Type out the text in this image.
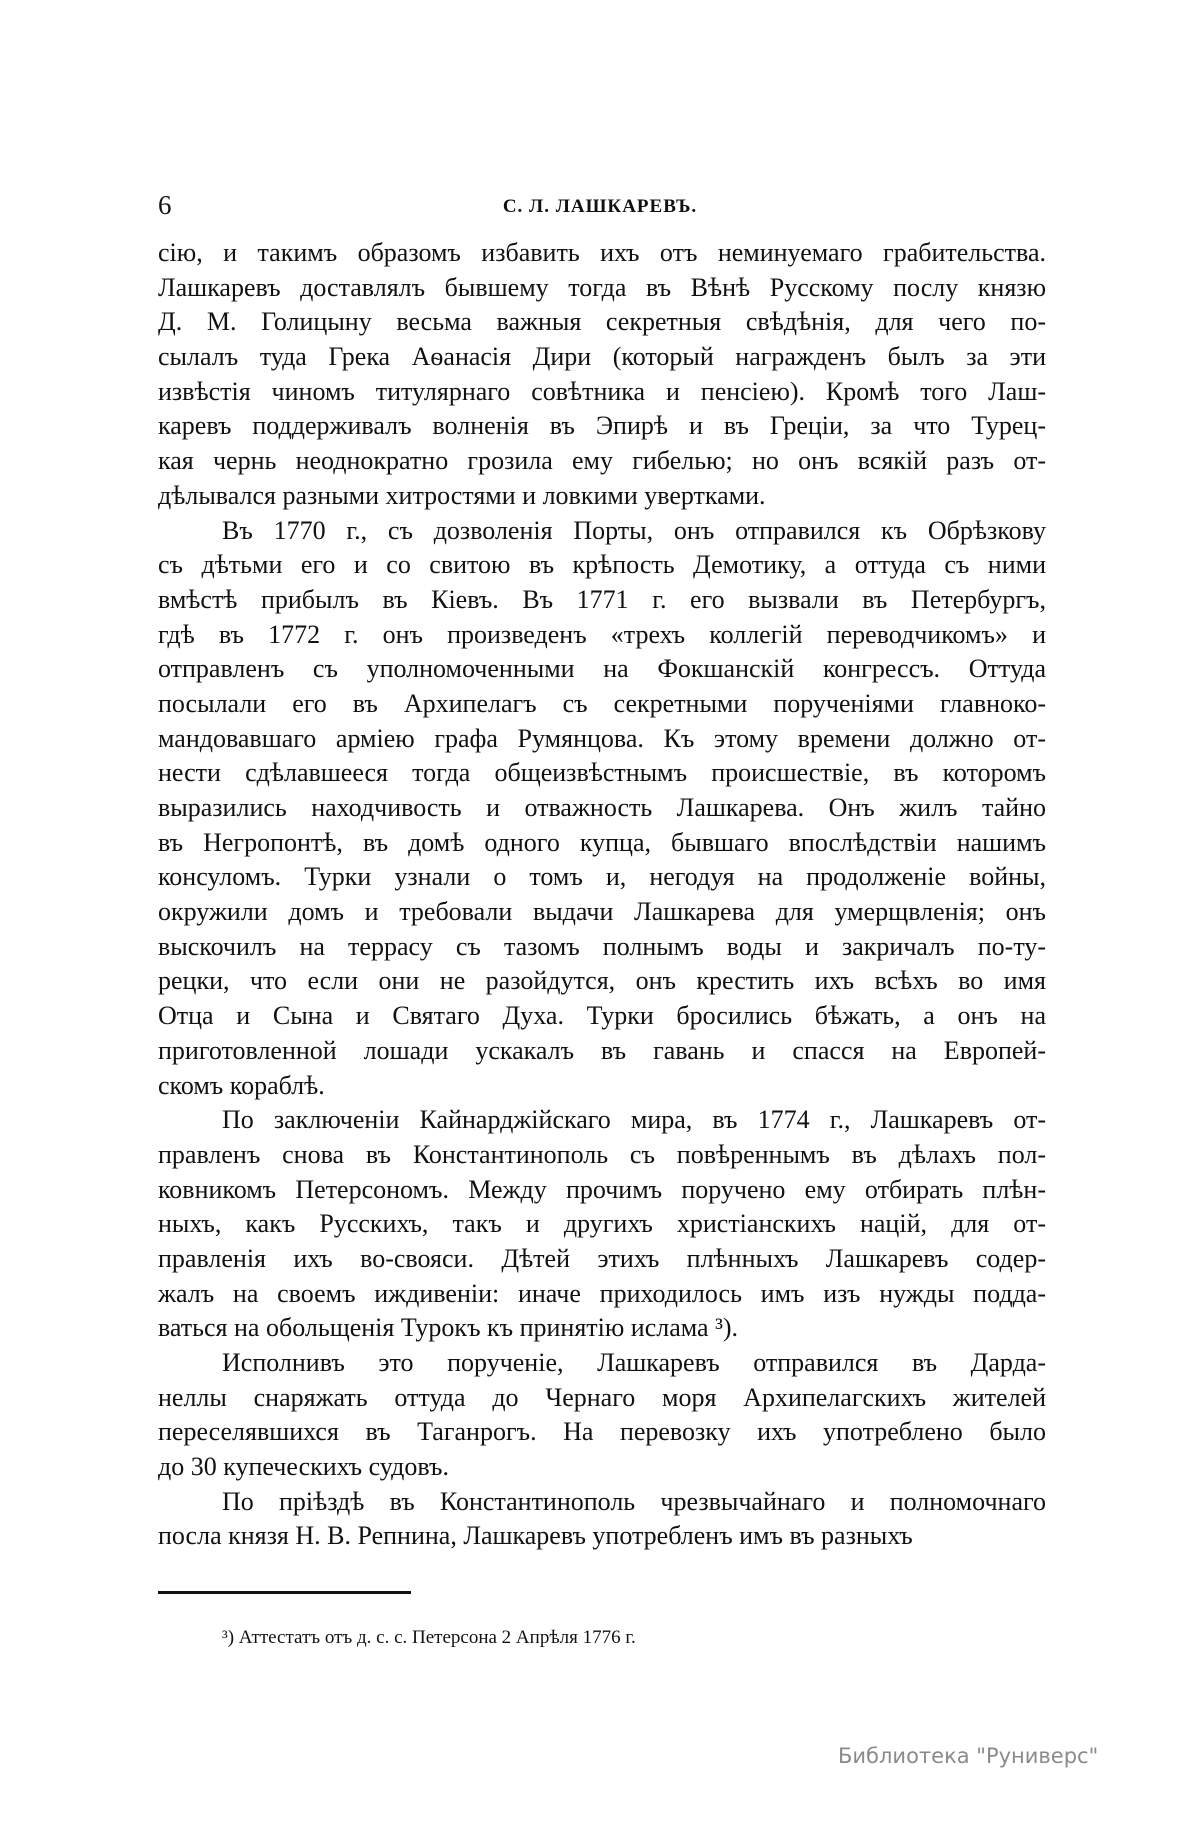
6	С. Л. ЛАШКАРЕВЪ.
сію, и такимъ образомъ избавить ихъ отъ неминуемаго грабительства.
Лашкаревъ доставлялъ бывшему тогда въ Вѣнѣ Русскому послу князю
Д. М. Голицыну весьма важныя секретныя свѣдѣнія, для чего по-
сылалъ туда Грека Аѳанасія Дири (который награжденъ былъ за эти
извѣстія чиномъ титулярнаго совѣтника и пенсіею). Кромѣ того Лаш-
каревъ поддерживалъ волненія въ Эпирѣ и въ Греціи, за что Турец-
кая чернь неоднократно грозила ему гибелью; но онъ всякій разъ от-
дѣлывался разными хитростями и ловкими увертками.
Въ 1770 г., съ дозволенія Порты, онъ отправился къ Обрѣзкову
съ дѣтьми его и со свитою въ крѣпость Демотику, а оттуда съ ними
вмѣстѣ прибылъ въ Кіевъ. Въ 1771 г. его вызвали въ Петербургъ,
гдѣ въ 1772 г. онъ произведенъ «трехъ коллегій переводчикомъ» и
отправленъ съ уполномоченными на Фокшанскій конгрессъ. Оттуда
посылали его въ Архипелагъ съ секретными порученіями главноко-
мандовавшаго арміею графа Румянцова. Къ этому времени должно от-
нести сдѣлавшееся тогда общеизвѣстнымъ происшествіе, въ которомъ
выразились находчивость и отважность Лашкарева. Онъ жилъ тайно
въ Негропонтѣ, въ домѣ одного купца, бывшаго впослѣдствіи нашимъ
консуломъ. Турки узнали о томъ и, негодуя на продолженіе войны,
окружили домъ и требовали выдачи Лашкарева для умерщвленія; онъ
выскочилъ на террасу съ тазомъ полнымъ воды и закричалъ по-ту-
рецки, что если они не разойдутся, онъ крестить ихъ всѣхъ во имя
Отца и Сына и Святаго Духа. Турки бросились бѣжать, а онъ на
приготовленной лошади ускакалъ въ гавань и спасся на Европей-
скомъ кораблѣ.
По заключеніи Кайнарджійскаго мира, въ 1774 г., Лашкаревъ от-
правленъ снова въ Константинополь съ повѣреннымъ въ дѣлахъ пол-
ковникомъ Петерсономъ. Между прочимъ поручено ему отбирать плѣн-
ныхъ, какъ Русскихъ, такъ и другихъ христіанскихъ націй, для от-
правленія ихъ во-свояси. Дѣтей этихъ плѣнныхъ Лашкаревъ содер-
жалъ на своемъ иждивеніи: иначе приходилось имъ изъ нужды подда-
ваться на обольщенія Турокъ къ принятію ислама ³).
Исполнивъ это порученіе, Лашкаревъ отправился въ Дарда-
неллы снаряжать оттуда до Чернаго моря Архипелагскихъ жителей
переселявшихся въ Таганрогъ. На перевозку ихъ употреблено было
до 30 купеческихъ судовъ.
По пріѣздѣ въ Константинополь чрезвычайнаго и полномочнаго
посла князя Н. В. Репнина, Лашкаревъ употребленъ имъ въ разныхъ
³) Аттестатъ отъ д. с. с. Петерсона 2 Апрѣля 1776 г.
Библиотека "Руниверс"
